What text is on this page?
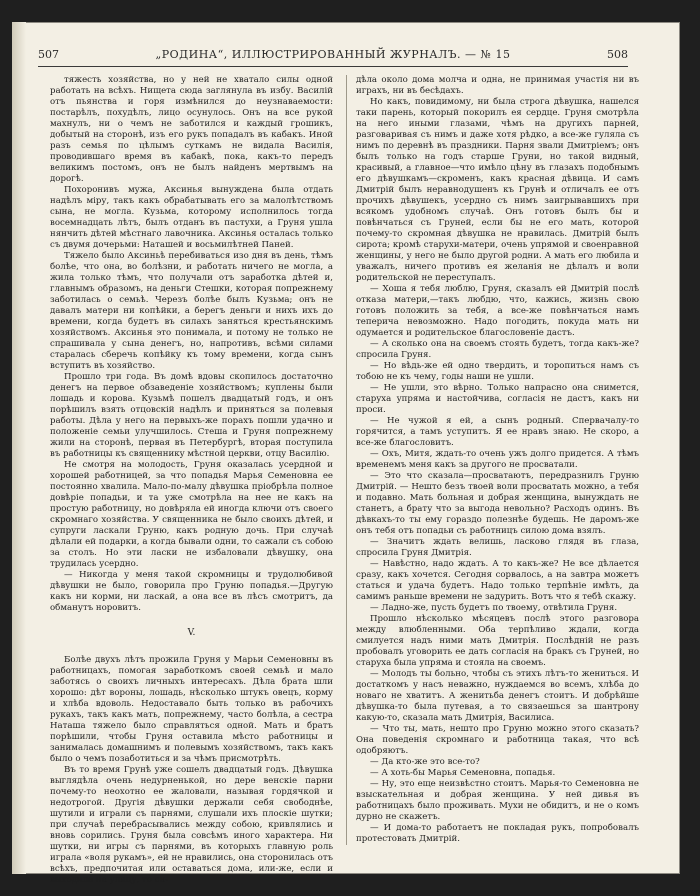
507	„РОДИНА“, ИЛЛЮСТРИРОВАННЫЙ ЖУРНАЛЪ. — № 15	508

тяжесть хозяйства, но у ней не хватало силы одной работать на всѣхъ. Нищета сюда заглянула въ избу. Василій отъ пьянства и горя измѣнился до неузнаваемости: постарѣлъ, похудѣлъ, лицо осунулось. Онъ на все рукой махнулъ, ни о чемъ не заботился и каждый грошикъ, добытый на сторонѣ, изъ его рукъ попадалъ въ кабакъ. Иной разъ семья по цѣлымъ суткамъ не видала Василія, проводившаго время въ кабакѣ, пока, какъ-то передъ великимъ постомъ, онъ не былъ найденъ мертвымъ на дорогѣ.

Похоронивъ мужа, Аксинья вынуждена была отдать надѣлъ міру, такъ какъ обрабатывать его за малолѣтствомъ сына, не могла. Кузьма, которому исполнилось тогда восемнадцать лѣтъ, былъ отданъ въ пастухи, а Груня ушла нянчить дѣтей мѣстнаго лавочника. Аксинья осталась только съ двумя дочерьми: Наташей и восьмилѣтней Паней.

Тяжело было Аксиньѣ перебиваться изо дня въ день, тѣмъ болѣе, что она, во болѣзни, и работать ничего не могла, а жила только тѣмъ, что получали отъ заработка дѣтей и, главнымъ образомъ, на деньги Стешки, которая попрежнему заботилась о семьѣ. Черезъ болѣе былъ Кузьма; онъ не давалъ матери ни копѣйки, а берегъ деньги и нихъ ихъ до времени, когда будетъ въ силахъ заняться крестьянскимъ хозяйствомъ. Аксинья это понимала, и потому не только не спрашивала у сына денегъ, но, напротивъ, всѣми силами старалась сберечь копѣйку къ тому времени, когда сынъ вступитъ въ хозяйство.

Прошло три года. Въ домѣ вдовы скопилось достаточно денегъ на первое обзаведеніе хозяйствомъ; куплены были лошадь и корова. Кузьмѣ пошелъ двадцатый годъ, и онъ порѣшилъ взять отцовскій надѣлъ и приняться за полевыя работы. Дѣла у него на первыхъ-же порахъ пошли удачно и положеніе семьи улучшилось. Стеша и Груня попрежнему жили на сторонѣ, первая въ Петербургѣ, вторая поступила въ работницы къ священнику мѣстной церкви, отцу Василію.

Не смотря на молодость, Груня оказалась усердной и хорошей работницей, за что попадья Марья Семеновна ее постоянно хвалила. Мало-по-малу дѣвушка пріобрѣла полное довѣріе попадьи, и та уже смотрѣла на нее не какъ на простую работницу, но довѣряла ей иногда ключи отъ своего скромнаго хозяйства. У священника не было своихъ дѣтей, и супруги ласкали Груню, какъ родную дочь. При случаѣ дѣлали ей подарки, а когда бывали одни, то сажали съ собою за столъ. Но эти ласки не избаловали дѣвушку, она трудилась усердно.

— Никогда у меня такой скромницы и трудолюбивой дѣвушки не было, говорила про Груню попадья.—Другую какъ ни корми, ни ласкай, а она все въ лѣсъ смотритъ, да обманутъ норовитъ.

V.

Болѣе двухъ лѣтъ прожила Груня у Марьи Семеновны въ работницахъ, помогая заработкомъ своей семьѣ и мало заботясь о своихъ личныхъ интересахъ. Дѣла брата шли хорошо: дѣт вороны, лошадь, нѣсколько штукъ овецъ, корму и хлѣба вдоволь. Недоставало быть только въ рабочихъ рукахъ, такъ какъ мать, попрежнему, часто болѣла, а сестра Наташа тяжело было справляться одной. Мать и братъ порѣшили, чтобы Груня оставила мѣсто работницы и занималась домашнимъ и полевымъ хозяйствомъ, такъ какъ было о чемъ позаботиться и за чѣмъ присмотрѣть.

Въ то время Грунѣ уже сошелъ двадцатый годъ. Дѣвушка выглядѣла очень недурненькой, но дере венскіе парни почему-то неохотно ее жаловали, называя гордячкой и недотрогой. Другія дѣвушки держали себя свободнѣе, шутили и играли съ парнями, слушали ихъ плоскіе шутки; при случаѣ перебрасывались между собою, кривлялись и вновь сорились. Груня была совсѣмъ иного характера. Ни шутки, ни игры съ парнями, въ которыхъ главную роль играла «воля рукамъ», ей не нравились, она сторонилась отъ всѣхъ, предпочитая или оставаться дома, или-же, если и выходила на улицу, то си-

дѣла около дома молча и одна, не принимая участія ни въ играхъ, ни въ бесѣдахъ.

Но какъ, повидимому, ни была строга дѣвушка, нашелся таки парень, который покорилъ ея сердце. Груня смотрѣла на него иными глазами, чѣмъ на другихъ парней, разговаривая съ нимъ и даже хотя рѣдко, а все-же гуляла съ нимъ по деревнѣ въ праздники. Парня звали Дмитріемъ; онъ былъ только на годъ старше Груни, но такой видный, красивый, а главное—что имѣло цѣну въ глазахъ подобнымъ его дѣвушкамъ—скроменъ, какъ красная дѣвица. И самъ Дмитрій былъ неравнодушенъ къ Грунѣ и отличалъ ее отъ прочихъ дѣвушекъ, усердно съ нимъ заигрывавшихъ при всякомъ удобномъ случаѣ. Онъ готовъ былъ бы и повѣнчаться съ Груней, если бы не его мать, которой почему-то скромная дѣвушка не нравилась. Дмитрій былъ сирота; кромѣ старухи-матери, очень упрямой и своенравной женщины, у него не было другой родни. А мать его любила и уважалъ, ничего противъ ея желанія не дѣлалъ и воли родительской не переступалъ.

— Хоша я тебя люблю, Груня, сказалъ ей Дмитрій послѣ отказа матери,—такъ любдю, что, кажись, жизнь свою готовъ положить за тебя, а все-же повѣнчаться намъ теперича невозможно. Надо погодить, покуда мать ни одумается и родительское благословеніе дастъ.

— А сколько она на своемъ стоять будетъ, тогда какъ-же? спросила Груня.

— Но вѣдь-же ей одно твердить, и торопиться намъ съ тобою не къ чему, годы наши не ушли.

— Не ушли, это вѣрно. Только напрасно она снимется, старуха упряма и настойчива, согласія не дастъ, какъ ни проси.

— Не чужой я ей, а сынъ родный. Спервачалу-то горячится, а тамъ уступитъ. Я ее нравъ знаю. Не скоро, а все-же благословитъ.

— Охъ, Митя, ждать-то очень ужъ долго придется. А тѣмъ временемъ меня какъ за другого не просватали.

— Это что сказала—просватаютъ, передразнилъ Груню Дмитрій. — Нешто безъ твоей воли просватать можно, а тебя и подавно. Мать больная и добрая женщина, вынуждать не станетъ, а брату что за выгода невольно? Расходъ одинъ. Въ дѣвкахъ-то ты ему гораздо полезнѣе будешь. Не даромъ-же онъ тебя отъ попадьи съ работницъ силою дома взялъ.

— Значитъ ждать велишь, ласково глядя въ глаза, спросила Груня Дмитрія.

— Навѣстно, надо ждать. А то какъ-же? Не все дѣлается сразу, какъ хочется. Сегодня сорвалось, а на завтра можетъ статься и удача будетъ. Надо только терпѣніе имѣть, да самимъ раньше времени не задурить. Вотъ что я тебѣ скажу.

— Ладно-же, пусть будетъ по твоему, отвѣтила Груня.

Прошло нѣсколько мѣсяцевъ послѣ этого разговора между влюбленными. Оба терпѣливо ждали, когда смилуется надъ ними мать Дмитрія. Послѣдній не разъ пробовалъ уговорить ее дать согласія на бракъ съ Груней, но старуха была упряма и стояла на своемъ.

— Молодъ ты больно, чтобы съ этихъ лѣтъ-то жениться. И достаткомъ у насъ неважно, нуждаемся во всемъ, хлѣба до новаго не хватитъ. А женитьба денегъ стоитъ. И добрѣйше дѣвушка-то была путевая, а то связаешься за шантрону какую-то, сказала мать Дмитрія, Василиса.

— Что ты, мать, нешто про Груню можно этого сказать? Она поведенія скромнаго и работница такая, что всѣ одобряютъ.

— Да кто-же это все-то?

— А хоть-бы Марья Семеновна, попадья.

— Ну, это еще неизвѣстно стоитъ. Марья-то Семеновна не взыскательная и добрая женщина. У ней дивья въ работницахъ было проживать. Мухи не обидитъ, и не о комъ дурно не скажетъ.

— И дома-то работаетъ не покладая рукъ, попробовалъ протестовать Дмитрій.
